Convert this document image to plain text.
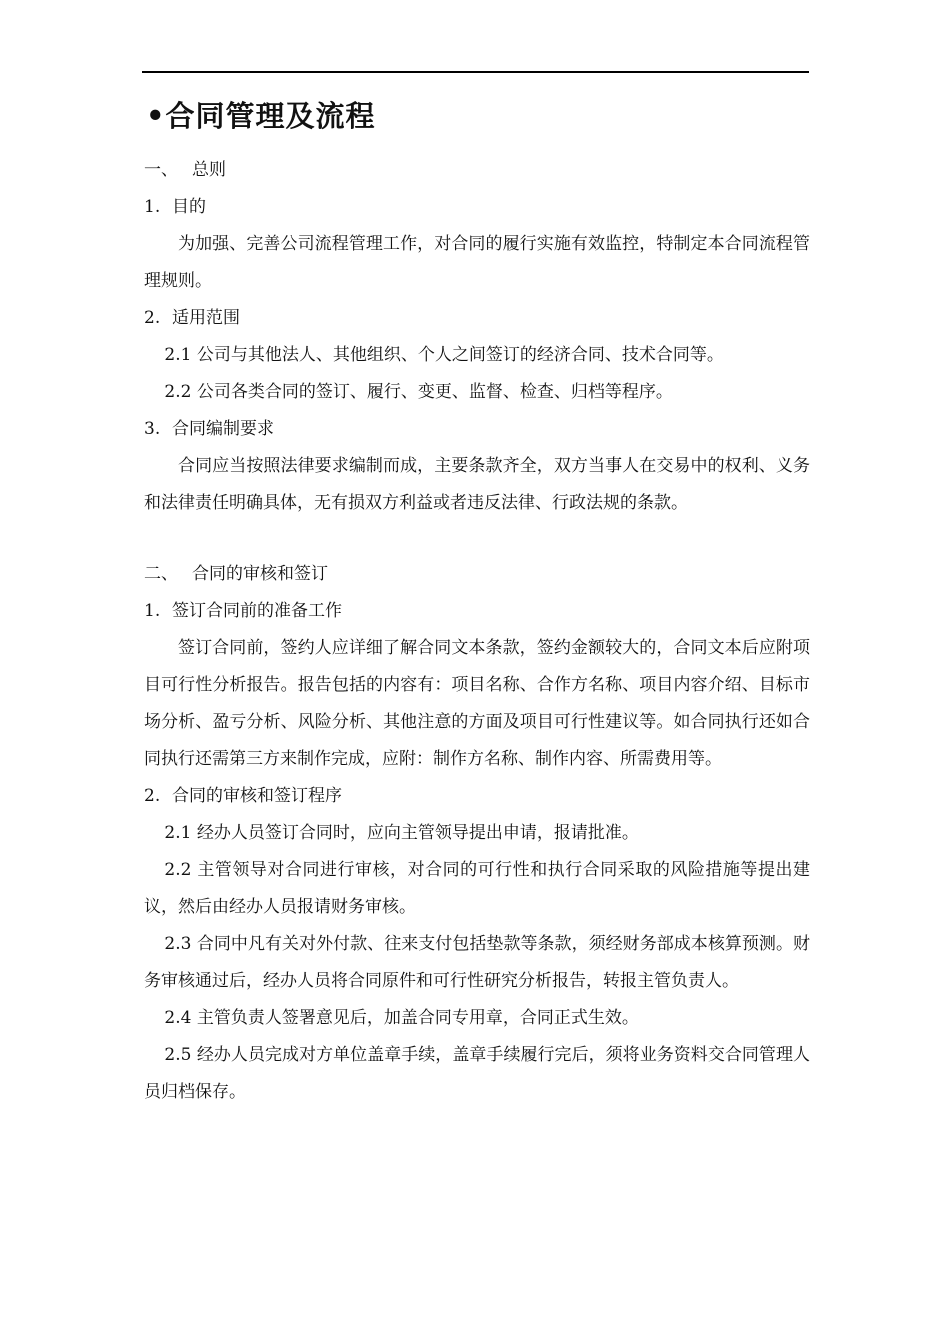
•合同管理及流程
一、 总则
1. 目的

为加强、完善公司流程管理工作，对合同的履行实施有效监控，特制定本合同流程管理规则。

2. 适用范围

2.1 公司与其他法人、其他组织、个人之间签订的经济合同、技术合同等。

2.2 公司各类合同的签订、履行、变更、监督、检查、归档等程序。

3. 合同编制要求

合同应当按照法律要求编制而成，主要条款齐全，双方当事人在交易中的权利、义务和法律责任明确具体，无有损双方利益或者违反法律、行政法规的条款。

二、 合同的审核和签订
1. 签订合同前的准备工作

签订合同前，签约人应详细了解合同文本条款，签约金额较大的，合同文本后应附项目可行性分析报告。报告包括的内容有：项目名称、合作方名称、项目内容介绍、目标市场分析、盈亏分析、风险分析、其他注意的方面及项目可行性建议等。如合同执行还如合同执行还需第三方来制作完成，应附：制作方名称、制作内容、所需费用等。

2. 合同的审核和签订程序

2.1 经办人员签订合同时，应向主管领导提出申请，报请批准。

2.2 主管领导对合同进行审核，对合同的可行性和执行合同采取的风险措施等提出建议，然后由经办人员报请财务审核。

2.3 合同中凡有关对外付款、往来支付包括垫款等条款，须经财务部成本核算预测。财务审核通过后，经办人员将合同原件和可行性研究分析报告，转报主管负责人。

2.4 主管负责人签署意见后，加盖合同专用章，合同正式生效。

2.5 经办人员完成对方单位盖章手续，盖章手续履行完后，须将业务资料交合同管理人员归档保存。
